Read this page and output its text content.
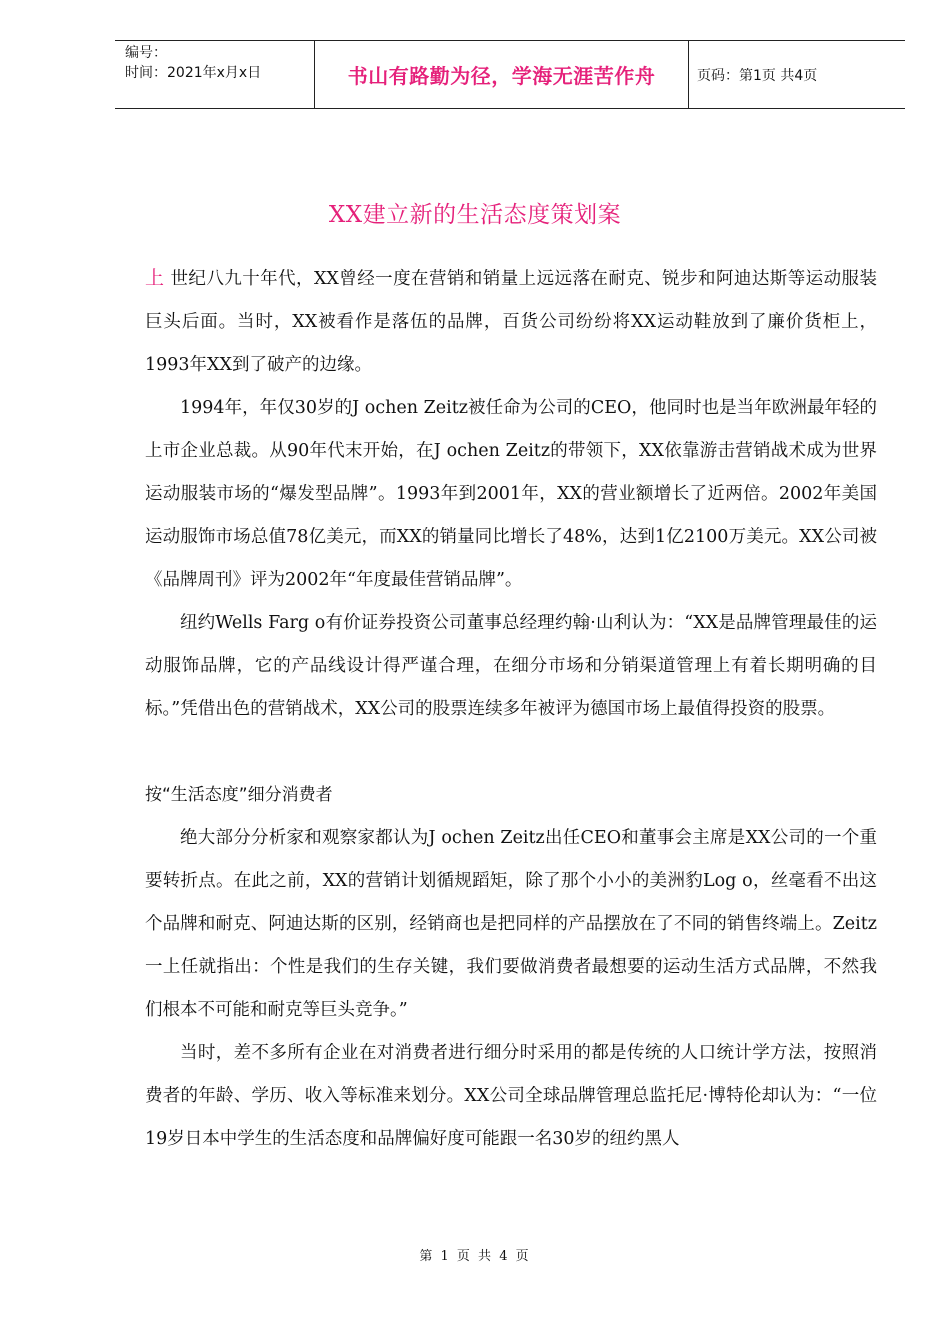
编号：
时间：2021年x月x日	书山有路勤为径，学海无涯苦作舟	页码：第1页 共4页
XX建立新的生活态度策划案

上 世纪八九十年代，XX曾经一度在营销和销量上远远落在耐克、锐步和阿迪达斯等运动服装巨头后面。当时，XX被看作是落伍的品牌，百货公司纷纷将XX运动鞋放到了廉价货柜上，1993年XX到了破产的边缘。

1994年，年仅30岁的J ochen Zeitz被任命为公司的CEO，他同时也是当年欧洲最年轻的上市企业总裁。从90年代末开始，在J ochen Zeitz的带领下，XX依靠游击营销战术成为世界运动服装市场的“爆发型品牌”。1993年到2001年，XX的营业额增长了近两倍。2002年美国运动服饰市场总值78亿美元，而XX的销量同比增长了48%，达到1亿2100万美元。XX公司被《品牌周刊》评为2002年“年度最佳营销品牌”。

纽约Wells Farg o有价证券投资公司董事总经理约翰·山利认为：“XX是品牌管理最佳的运动服饰品牌，它的产品线设计得严谨合理，在细分市场和分销渠道管理上有着长期明确的目标。”凭借出色的营销战术，XX公司的股票连续多年被评为德国市场上最值得投资的股票。

按“生活态度”细分消费者

绝大部分分析家和观察家都认为J ochen Zeitz出任CEO和董事会主席是XX公司的一个重要转折点。在此之前，XX的营销计划循规蹈矩，除了那个小小的美洲豹Log o，丝毫看不出这个品牌和耐克、阿迪达斯的区别，经销商也是把同样的产品摆放在了不同的销售终端上。Zeitz一上任就指出：个性是我们的生存关键，我们要做消费者最想要的运动生活方式品牌，不然我们根本不可能和耐克等巨头竞争。”

当时，差不多所有企业在对消费者进行细分时采用的都是传统的人口统计学方法，按照消费者的年龄、学历、收入等标准来划分。XX公司全球品牌管理总监托尼·博特伦却认为：“一位19岁日本中学生的生活态度和品牌偏好度可能跟一名30岁的纽约黑人

第 1 页 共 4 页
